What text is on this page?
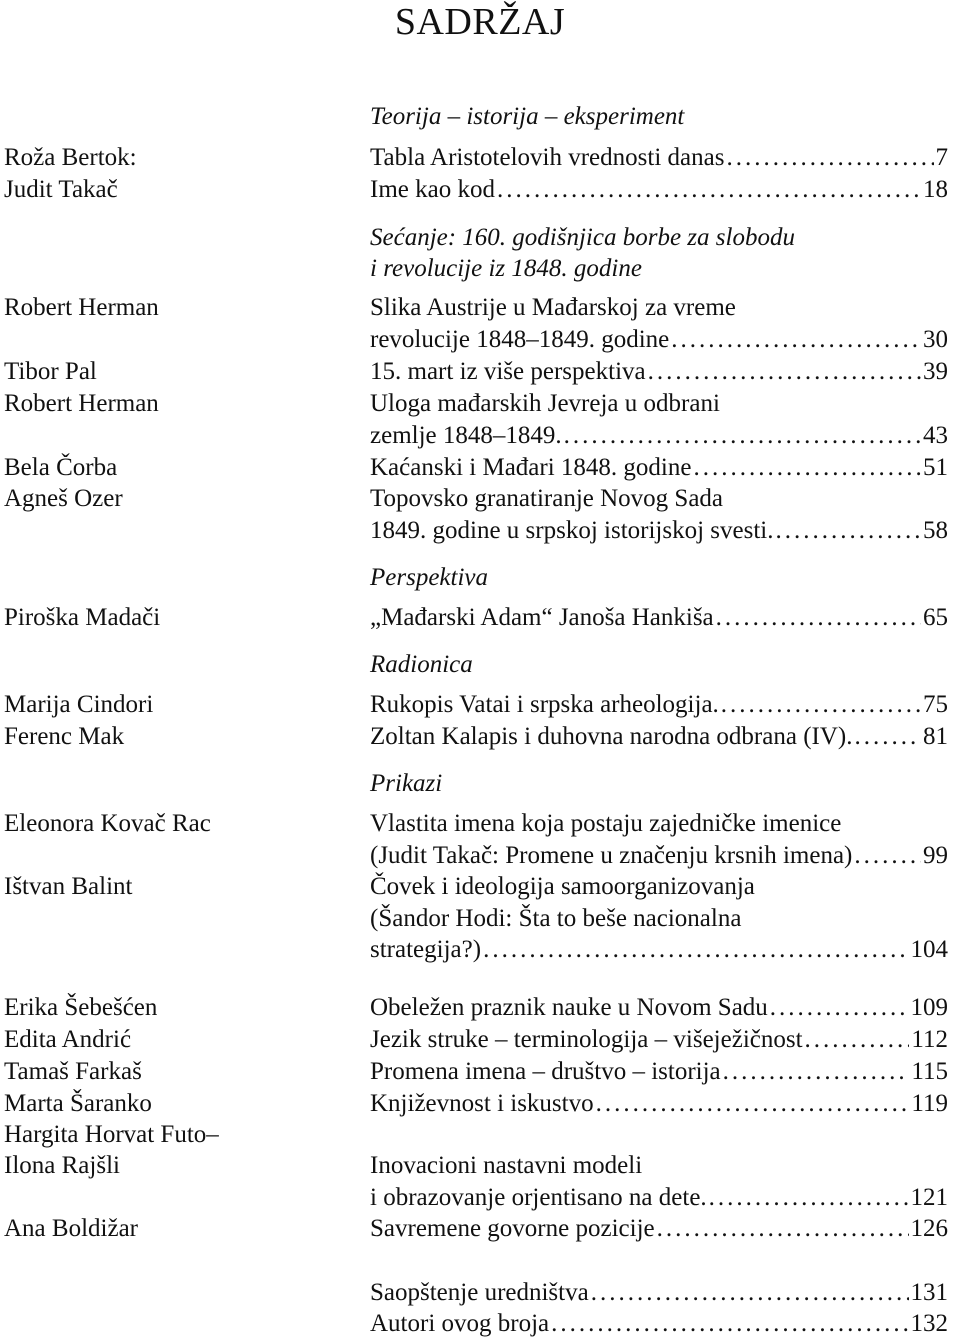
SADRŽAJ
Teorija – istorija – eksperiment
Roža Bertok:	Tabla Aristotelovih vrednosti danas .....	7
Judit Takač	Ime kao kod .....	18
Sećanje: 160. godišnjica borbe za slobodu
i revolucije iz 1848. godine
Robert Herman	Slika Austrije u Mađarskoj za vreme
revolucije 1848–1849. godine .....	30
Tibor Pal	15. mart iz više perspektiva .....	39
Robert Herman	Uloga mađarskih Jevreja u odbrani
zemlje 1848–1849. .....	43
Bela Čorba	Kaćanski i Mađari 1848. godine .....	51
Agneš Ozer	Topovsko granatiranje Novog Sada
1849. godine u srpskoj istorijskoj svesti. .....	58
Perspektiva
Piroška Madači	„Mađarski Adam“ Janoša Hankiša .....	65
Radionica
Marija Cindori	Rukopis Vatai i srpska arheologija. .....	75
Ferenc Mak	Zoltan Kalapis i duhovna narodna odbrana (IV). .....	81
Prikazi
Eleonora Kovač Rac	Vlastita imena koja postaju zajedničke imenice
(Judit Takač: Promene u značenju krsnih imena) .....	99
Ištvan Balint	Čovek i ideologija samoorganizovanja
(Šandor Hodi: Šta to beše nacionalna
strategija?) .....	104
Erika Šebešćen	Obeležen praznik nauke u Novom Sadu .....	109
Edita Andrić	Jezik struke – terminologija – višeježičnost .....	112
Tamaš Farkaš	Promena imena – društvo – istorija .....	115
Marta Šaranko	Književnost i iskustvo .....	119
Hargita Horvat Futo–
Ilona Rajšli	Inovacioni nastavni modeli
i obrazovanje orjentisano na dete. .....	121
Ana Boldižar	Savremene govorne pozicije .....	126
Saopštenje uredništva .....	131
Autori ovog broja .....	132
